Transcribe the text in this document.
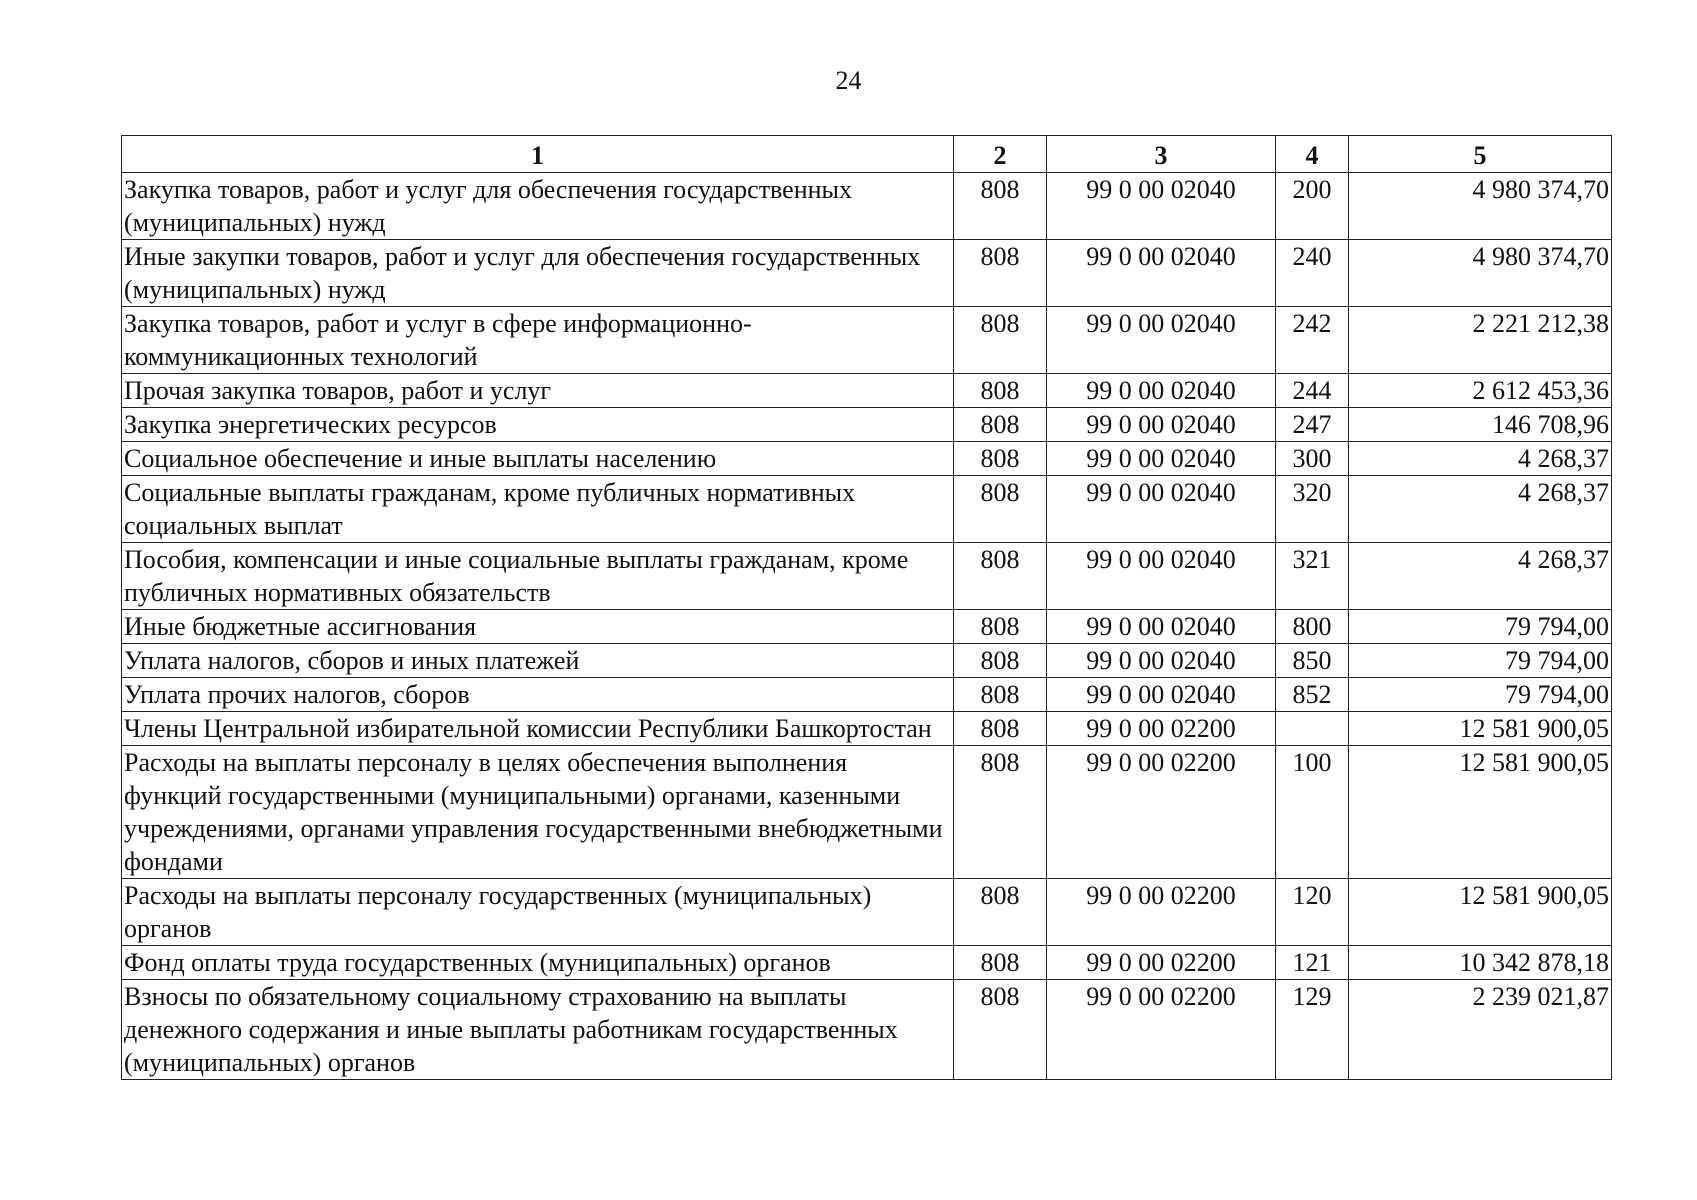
24
1	2	3	4	5
Закупка товаров, работ и услуг для обеспечения государственных (муниципальных) нужд	808	99 0 00 02040	200	4 980 374,70
Иные закупки товаров, работ и услуг для обеспечения государственных (муниципальных) нужд	808	99 0 00 02040	240	4 980 374,70
Закупка товаров, работ и услуг в сфере информационно-коммуникационных технологий	808	99 0 00 02040	242	2 221 212,38
Прочая закупка товаров, работ и услуг	808	99 0 00 02040	244	2 612 453,36
Закупка энергетических ресурсов	808	99 0 00 02040	247	146 708,96
Социальное обеспечение и иные выплаты населению	808	99 0 00 02040	300	4 268,37
Социальные выплаты гражданам, кроме публичных нормативных социальных выплат	808	99 0 00 02040	320	4 268,37
Пособия, компенсации и иные социальные выплаты гражданам, кроме публичных нормативных обязательств	808	99 0 00 02040	321	4 268,37
Иные бюджетные ассигнования	808	99 0 00 02040	800	79 794,00
Уплата налогов, сборов и иных платежей	808	99 0 00 02040	850	79 794,00
Уплата прочих налогов, сборов	808	99 0 00 02040	852	79 794,00
Члены Центральной избирательной комиссии Республики Башкортостан	808	99 0 00 02200		12 581 900,05
Расходы на выплаты персоналу в целях обеспечения выполнения функций государственными (муниципальными) органами, казенными учреждениями, органами управления государственными внебюджетными фондами	808	99 0 00 02200	100	12 581 900,05
Расходы на выплаты персоналу государственных (муниципальных) органов	808	99 0 00 02200	120	12 581 900,05
Фонд оплаты труда государственных (муниципальных) органов	808	99 0 00 02200	121	10 342 878,18
Взносы по обязательному социальному страхованию на выплаты денежного содержания и иные выплаты работникам государственных (муниципальных) органов	808	99 0 00 02200	129	2 239 021,87
